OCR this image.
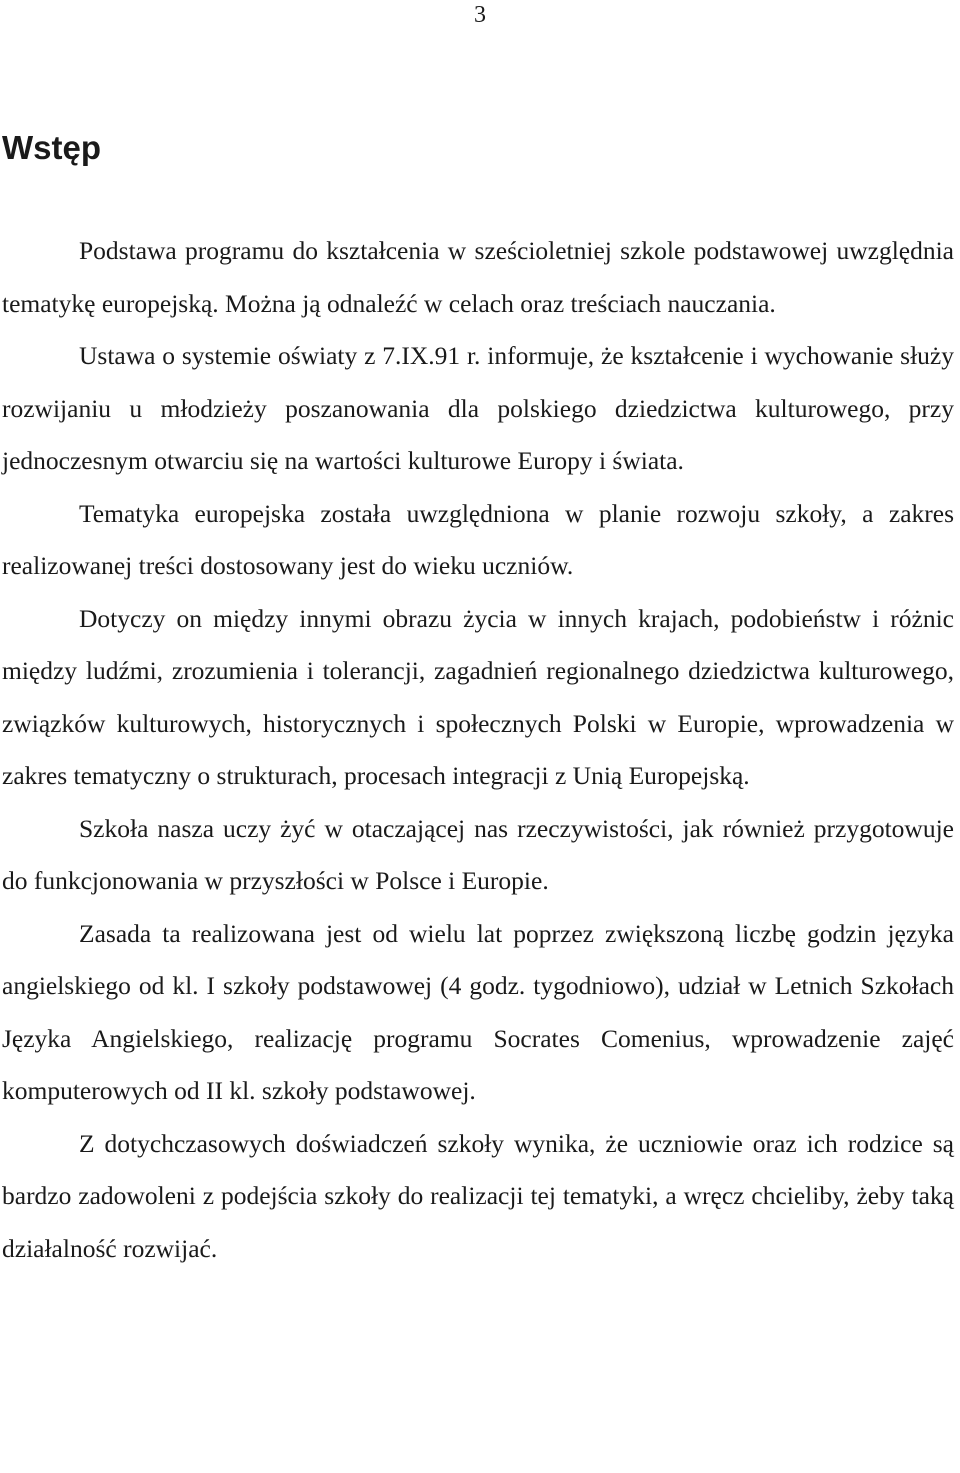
3
Wstęp

Podstawa programu do kształcenia w sześcioletniej szkole podstawowej uwzględnia tematykę europejską. Można ją odnaleźć w celach oraz treściach nauczania.

Ustawa o systemie oświaty z 7.IX.91 r. informuje, że kształcenie i wychowanie służy rozwijaniu u młodzieży poszanowania dla polskiego dziedzictwa kulturowego, przy jednoczesnym otwarciu się na wartości kulturowe Europy i świata.

Tematyka europejska została uwzględniona w planie rozwoju szkoły, a zakres realizowanej treści dostosowany jest do wieku uczniów.

Dotyczy on między innymi obrazu życia w innych krajach, podobieństw i różnic między ludźmi, zrozumienia i tolerancji, zagadnień regionalnego dziedzictwa kulturowego, związków kulturowych, historycznych i społecznych Polski w Europie, wprowadzenia w zakres tematyczny o strukturach, procesach integracji z Unią Europejską.

Szkoła nasza uczy żyć w otaczającej nas rzeczywistości, jak również przygotowuje do funkcjonowania w przyszłości w Polsce i Europie.

Zasada ta realizowana jest od wielu lat poprzez zwiększoną liczbę godzin języka angielskiego od kl. I szkoły podstawowej (4 godz. tygodniowo), udział w Letnich Szkołach Języka Angielskiego, realizację programu Socrates Comenius, wprowadzenie zajęć komputerowych od II kl. szkoły podstawowej.

Z dotychczasowych doświadczeń szkoły wynika, że uczniowie oraz ich rodzice są bardzo zadowoleni z podejścia szkoły do realizacji tej tematyki, a wręcz chcieliby, żeby taką działalność rozwijać.
